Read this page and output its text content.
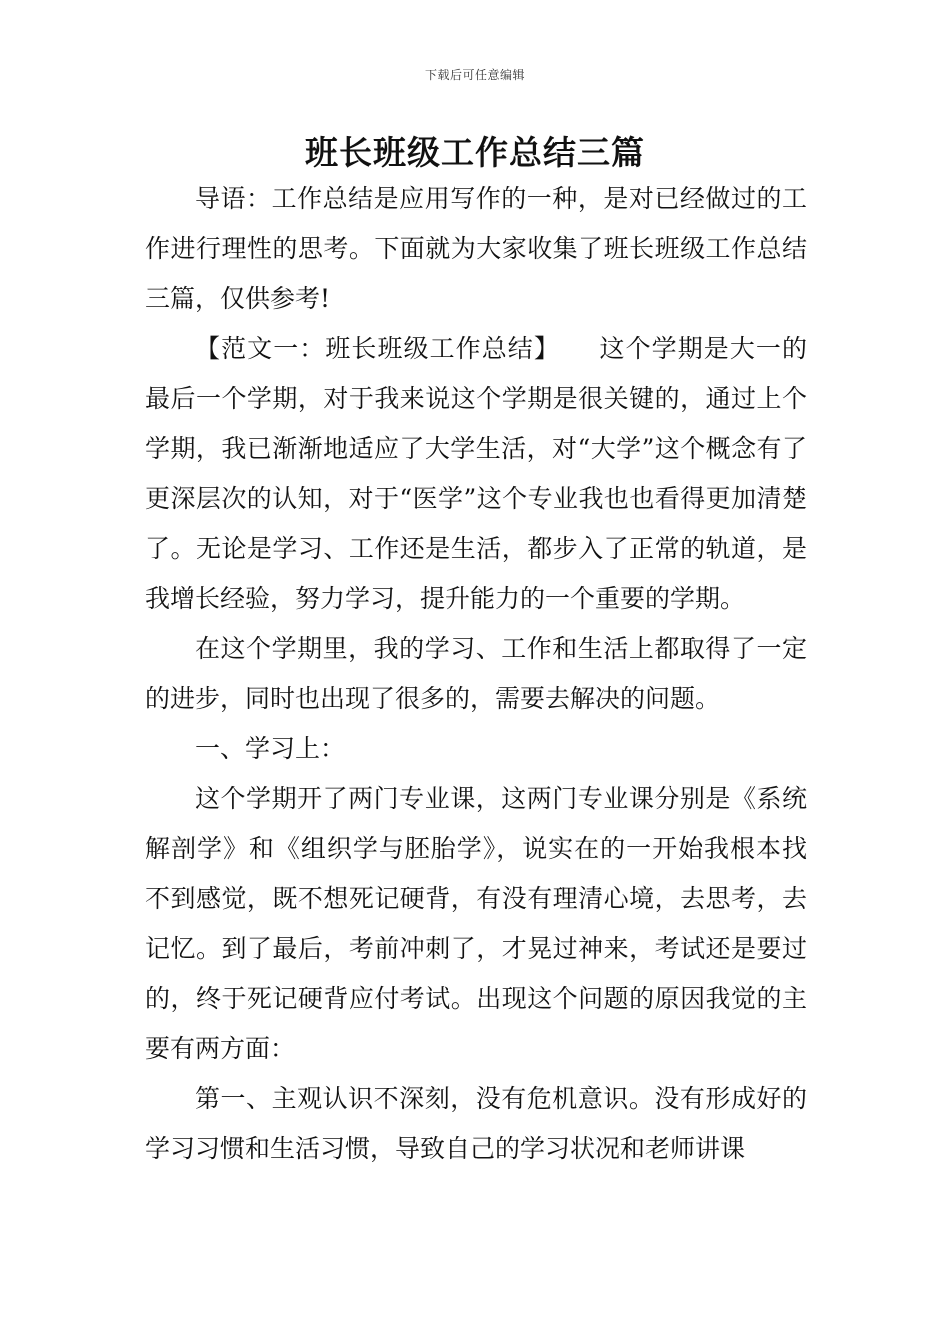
下载后可任意编辑
班长班级工作总结三篇

导语：工作总结是应用写作的一种，是对已经做过的工作进行理性的思考。下面就为大家收集了班长班级工作总结三篇，仅供参考!

【范文一：班长班级工作总结】　　这个学期是大一的最后一个学期，对于我来说这个学期是很关键的，通过上个学期，我已渐渐地适应了大学生活，对“大学”这个概念有了更深层次的认知，对于“医学”这个专业我也也看得更加清楚了。无论是学习、工作还是生活，都步入了正常的轨道，是我增长经验，努力学习，提升能力的一个重要的学期。

在这个学期里，我的学习、工作和生活上都取得了一定的进步，同时也出现了很多的，需要去解决的问题。

一、学习上：

这个学期开了两门专业课，这两门专业课分别是《系统解剖学》和《组织学与胚胎学》，说实在的一开始我根本找不到感觉，既不想死记硬背，有没有理清心境，去思考，去记忆。到了最后，考前冲刺了，才晃过神来，考试还是要过的，终于死记硬背应付考试。出现这个问题的原因我觉的主要有两方面：

第一、主观认识不深刻，没有危机意识。没有形成好的学习习惯和生活习惯，导致自己的学习状况和老师讲课
